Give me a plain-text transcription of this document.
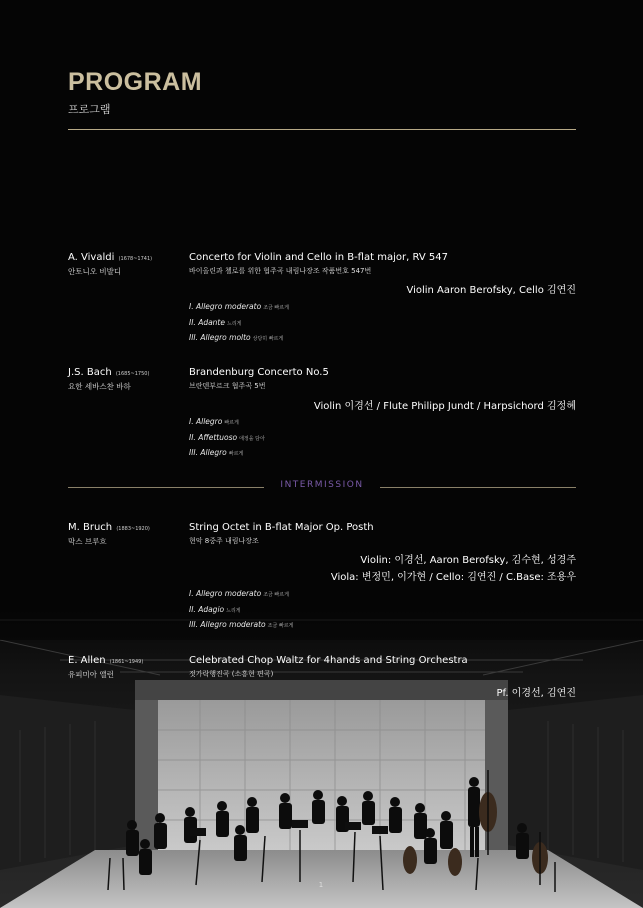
PROGRAM
프로그램
A. Vivaldi (1678~1741)
안토니오 비발디
Concerto for Violin and Cello in B-flat major, RV 547
바이올린과 첼로를 위한 협주곡 내림나장조 작품번호 547번
Violin Aaron Berofsky, Cello 김연진
I. Allegro moderato 조금 빠르게
II. Adante 느리게
III. Allegro molto 상당히 빠르게
J.S. Bach (1685~1750)
요한 세바스찬 바하
Brandenburg Concerto No.5
브란덴부르크 협주곡 5번
Violin 이경선 / Flute Philipp Jundt / Harpsichord 김정혜
I. Allegro 빠르게
II. Affettuoso 애정을 담아
III. Allegro 빠르게
INTERMISSION
M. Bruch (1883~1920)
막스 브루흐
String Octet in B-flat Major Op. Posth
현악 8중주 내림나장조
Violin: 이경선, Aaron Berofsky, 김수현, 성경주
Viola: 변정민, 이가현 / Cello: 김연진 / C.Base: 조용우
I. Allegro moderato 조금 빠르게
II. Adagio 느리게
III. Allegro moderato 조금 빠르게
E. Allen (1861~1949)
유피미아 앨런
Celebrated Chop Waltz for 4hands and String Orchestra
젓가락행진곡 (소흥현 편곡)
Pf. 이경선, 김연진
1
